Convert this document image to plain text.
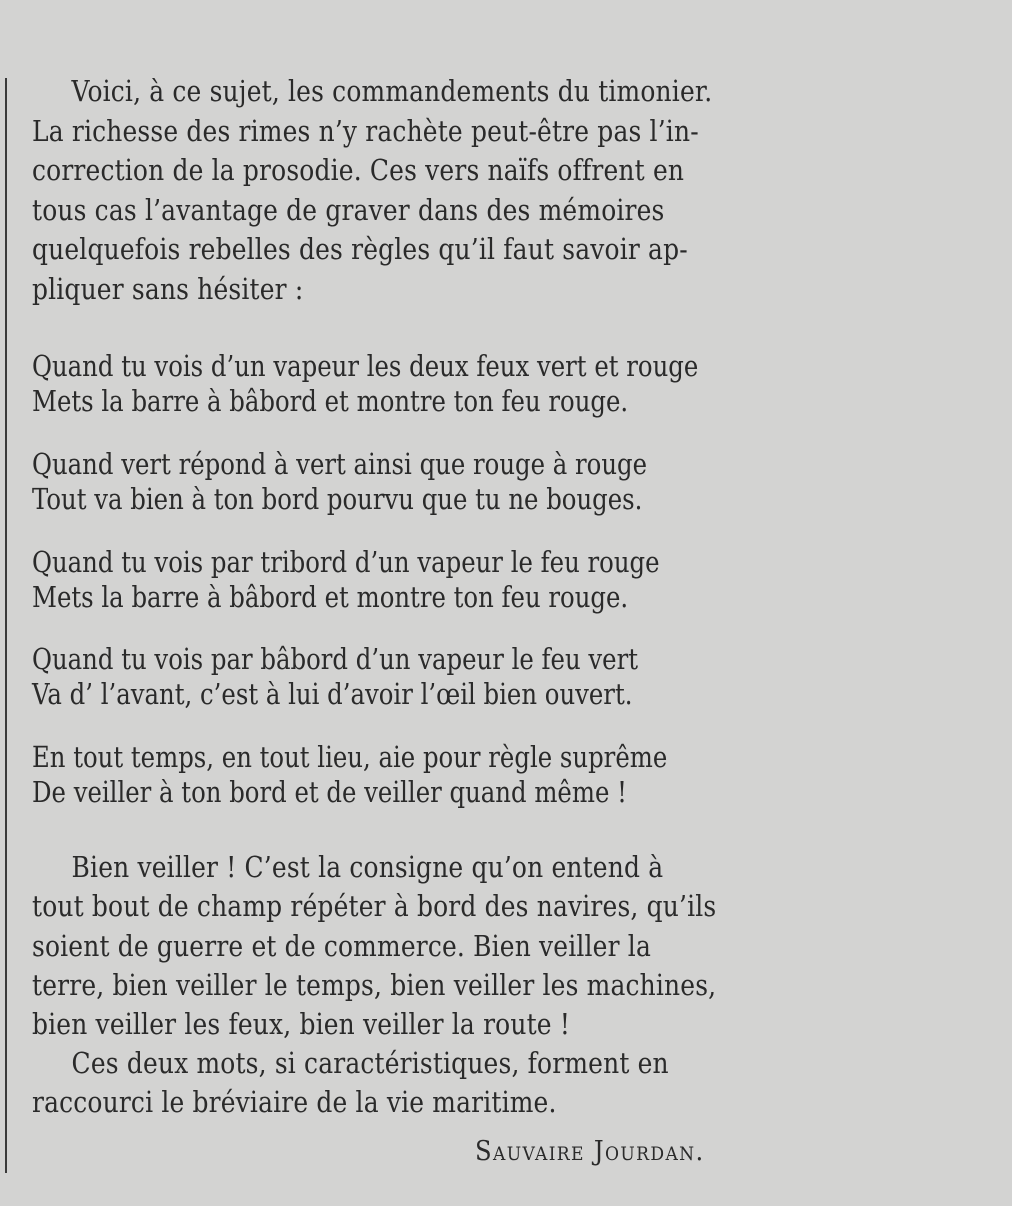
Voici, à ce sujet, les commandements du timonier.
La richesse des rimes n’y rachète peut-être pas l’in-
correction de la prosodie. Ces vers naïfs offrent en
tous cas l’avantage de graver dans des mémoires
quelquefois rebelles des règles qu’il faut savoir ap-
pliquer sans hésiter :
Quand tu vois d’un vapeur les deux feux vert et rouge
Mets la barre à bâbord et montre ton feu rouge.
Quand vert répond à vert ainsi que rouge à rouge
Tout va bien à ton bord pourvu que tu ne bouges.
Quand tu vois par tribord d’un vapeur le feu rouge
Mets la barre à bâbord et montre ton feu rouge.
Quand tu vois par bâbord d’un vapeur le feu vert
Va d’ l’avant, c’est à lui d’avoir l’œil bien ouvert.
En tout temps, en tout lieu, aie pour règle suprême
De veiller à ton bord et de veiller quand même !
Bien veiller ! C’est la consigne qu’on entend à
tout bout de champ répéter à bord des navires, qu’ils
soient de guerre et de commerce. Bien veiller la
terre, bien veiller le temps, bien veiller les machines,
bien veiller les feux, bien veiller la route !
Ces deux mots, si caractéristiques, forment en
raccourci le bréviaire de la vie maritime.
Sauvaire Jourdan.
